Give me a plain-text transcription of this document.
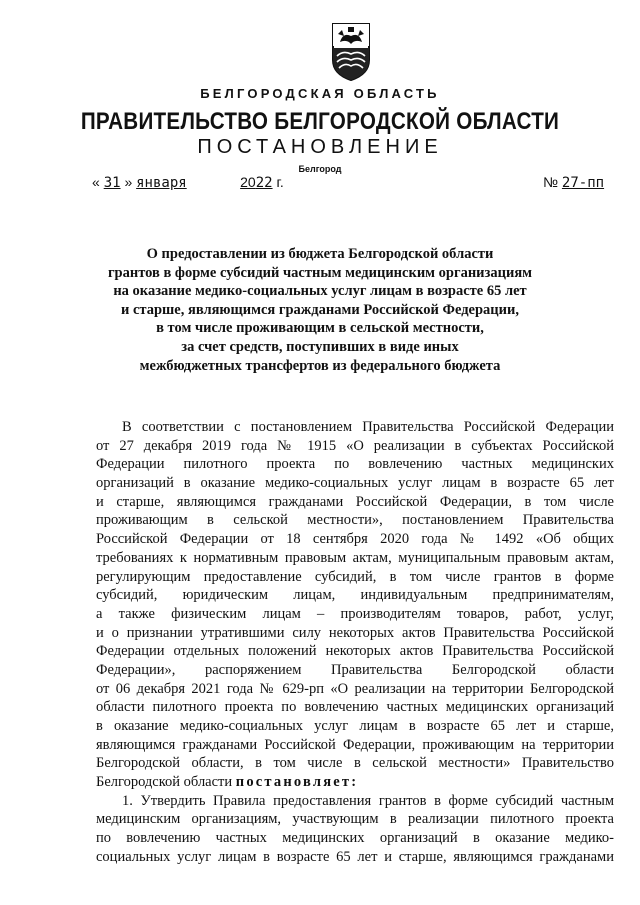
БЕЛГОРОДСКАЯ ОБЛАСТЬ
ПРАВИТЕЛЬСТВО БЕЛГОРОДСКОЙ ОБЛАСТИ
ПОСТАНОВЛЕНИЕ
Белгород
« 31 » января	2022 г.	№ 27-пп
О предоставлении из бюджета Белгородской области
грантов в форме субсидий частным медицинским организациям
на оказание медико-социальных услуг лицам в возрасте 65 лет
и старше, являющимся гражданами Российской Федерации,
в том числе проживающим в сельской местности,
за счет средств, поступивших в виде иных
межбюджетных трансфертов из федерального бюджета
В соответствии с постановлением Правительства Российской Федерации
от 27 декабря 2019 года № 1915 «О реализации в субъектах Российской
Федерации пилотного проекта по вовлечению частных медицинских
организаций в оказание медико-социальных услуг лицам в возрасте 65 лет
и старше, являющимся гражданами Российской Федерации, в том числе
проживающим в сельской местности», постановлением Правительства
Российской Федерации от 18 сентября 2020 года № 1492 «Об общих
требованиях к нормативным правовым актам, муниципальным правовым актам,
регулирующим предоставление субсидий, в том числе грантов в форме
субсидий, юридическим лицам, индивидуальным предпринимателям,
а также физическим лицам – производителям товаров, работ, услуг,
и о признании утратившими силу некоторых актов Правительства Российской
Федерации отдельных положений некоторых актов Правительства Российской
Федерации», распоряжением Правительства Белгородской области
от 06 декабря 2021 года № 629-рп «О реализации на территории Белгородской
области пилотного проекта по вовлечению частных медицинских организаций
в оказание медико-социальных услуг лицам в возрасте 65 лет и старше,
являющимся гражданами Российской Федерации, проживающим на территории
Белгородской области, в том числе в сельской местности» Правительство
Белгородской области постановляет:
1. Утвердить Правила предоставления грантов в форме субсидий частным
медицинским организациям, участвующим в реализации пилотного проекта
по вовлечению частных медицинских организаций в оказание медико-
социальных услуг лицам в возрасте 65 лет и старше, являющимся гражданами
